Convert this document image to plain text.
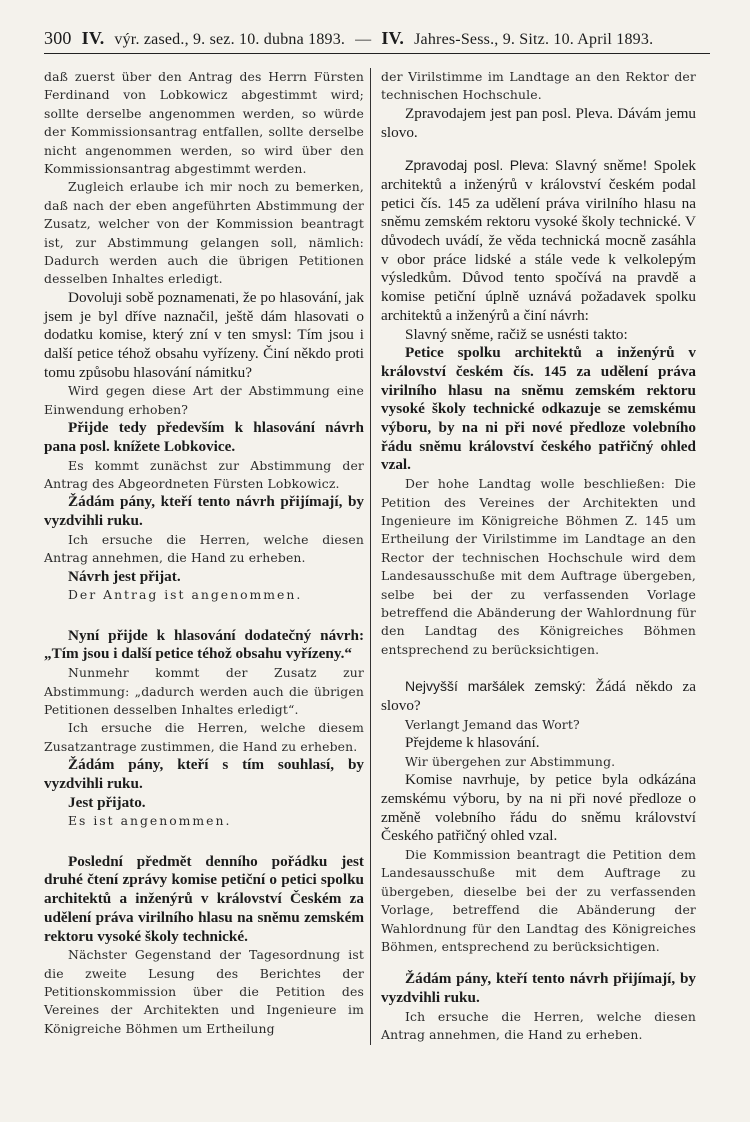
300 IV. výr. zased., 9. sez. 10. dubna 1893. — IV. Jahres-Sess., 9. Sitz. 10. April 1893.

daß zuerst über den Antrag des Herrn Fürsten Ferdinand von Lobkowicz abgestimmt wird; sollte derselbe angenommen werden, so würde der Kommissionsantrag entfallen, sollte derselbe nicht angenommen werden, so wird über den Kommissionsantrag abgestimmt werden.

Zugleich erlaube ich mir noch zu bemerken, daß nach der eben angeführten Abstimmung der Zusatz, welcher von der Kommission beantragt ist, zur Abstimmung gelangen soll, nämlich: Dadurch werden auch die übrigen Petitionen desselben Inhaltes erledigt.

Dovoluji sobě poznamenati, že po hlasování, jak jsem je byl dříve naznačil, ještě dám hlasovati o dodatku komise, který zní v ten smysl: Tím jsou i další petice téhož obsahu vyřízeny. Činí někdo proti tomu způsobu hlasování námitku?

Wird gegen diese Art der Abstimmung eine Einwendung erhoben?

Přijde tedy především k hlasování návrh pana posl. knížete Lobkovice.

Es kommt zunächst zur Abstimmung der Antrag des Abgeordneten Fürsten Lobkowicz.

Žádám pány, kteří tento návrh přijímají, by vyzdvihli ruku.

Ich ersuche die Herren, welche diesen Antrag annehmen, die Hand zu erheben.

Návrh jest přijat.

Der Antrag ist angenommen.

Nyní přijde k hlasování dodatečný návrh: „Tím jsou i další petice téhož obsahu vyřízeny.“

Nunmehr kommt der Zusatz zur Abstimmung: „dadurch werden auch die übrigen Petitionen desselben Inhaltes erledigt“.

Ich ersuche die Herren, welche diesem Zusatzantrage zustimmen, die Hand zu erheben.

Žádám pány, kteří s tím souhlasí, by vyzdvihli ruku.

Jest přijato.

Es ist angenommen.

Poslední předmět denního pořádku jest druhé čtení zprávy komise petiční o petici spolku architektů a inženýrů v království Českém za udělení práva virilního hlasu na sněmu zemském rektoru vysoké školy technické.

Nächster Gegenstand der Tagesordnung ist die zweite Lesung des Berichtes der Petitionskommission über die Petition des Vereines der Architekten und Ingenieure im Königreiche Böhmen um Ertheilung

der Virilstimme im Landtage an den Rektor der technischen Hochschule.

Zpravodajem jest pan posl. Pleva. Dávám jemu slovo.

Zpravodaj posl. Pleva: Slavný sněme! Spolek architektů a inženýrů v království českém podal petici čís. 145 za udělení práva virilního hlasu na sněmu zemském rektoru vysoké školy technické. V důvodech uvádí, že věda technická mocně zasáhla v obor práce lidské a stále vede k velkolepým výsledkům. Důvod tento spočívá na pravdě a komise petiční úplně uznává požadavek spolku architektů a inženýrů a činí návrh:

Slavný sněme, račiž se usnésti takto:

Petice spolku architektů a inženýrů v království českém čís. 145 za udělení práva virilního hlasu na sněmu zemském rektoru vysoké školy technické odkazuje se zemskému výboru, by na ni při nové předloze volebního řádu sněmu království českého patřičný ohled vzal.

Der hohe Landtag wolle beschließen: Die Petition des Vereines der Architekten und Ingenieure im Königreiche Böhmen Z. 145 um Ertheilung der Virilstimme im Landtage an den Rector der technischen Hochschule wird dem Landesausschuße mit dem Auftrage übergeben, selbe bei der zu verfassenden Vorlage betreffend die Abänderung der Wahlordnung für den Landtag des Königreiches Böhmen entsprechend zu berücksichtigen.

Nejvyšší maršálek zemský: Žádá někdo za slovo?

Verlangt Jemand das Wort?

Přejdeme k hlasování.

Wir übergehen zur Abstimmung.

Komise navrhuje, by petice byla odkázána zemskému výboru, by na ni při nové předloze o změně volebního řádu do sněmu království Českého patřičný ohled vzal.

Die Kommission beantragt die Petition dem Landesausschuße mit dem Auftrage zu übergeben, dieselbe bei der zu verfassenden Vorlage, betreffend die Abänderung der Wahlordnung für den Landtag des Königreiches Böhmen, entsprechend zu berücksichtigen.

Žádám pány, kteří tento návrh přijímají, by vyzdvihli ruku.

Ich ersuche die Herren, welche diesen Antrag annehmen, die Hand zu erheben.
